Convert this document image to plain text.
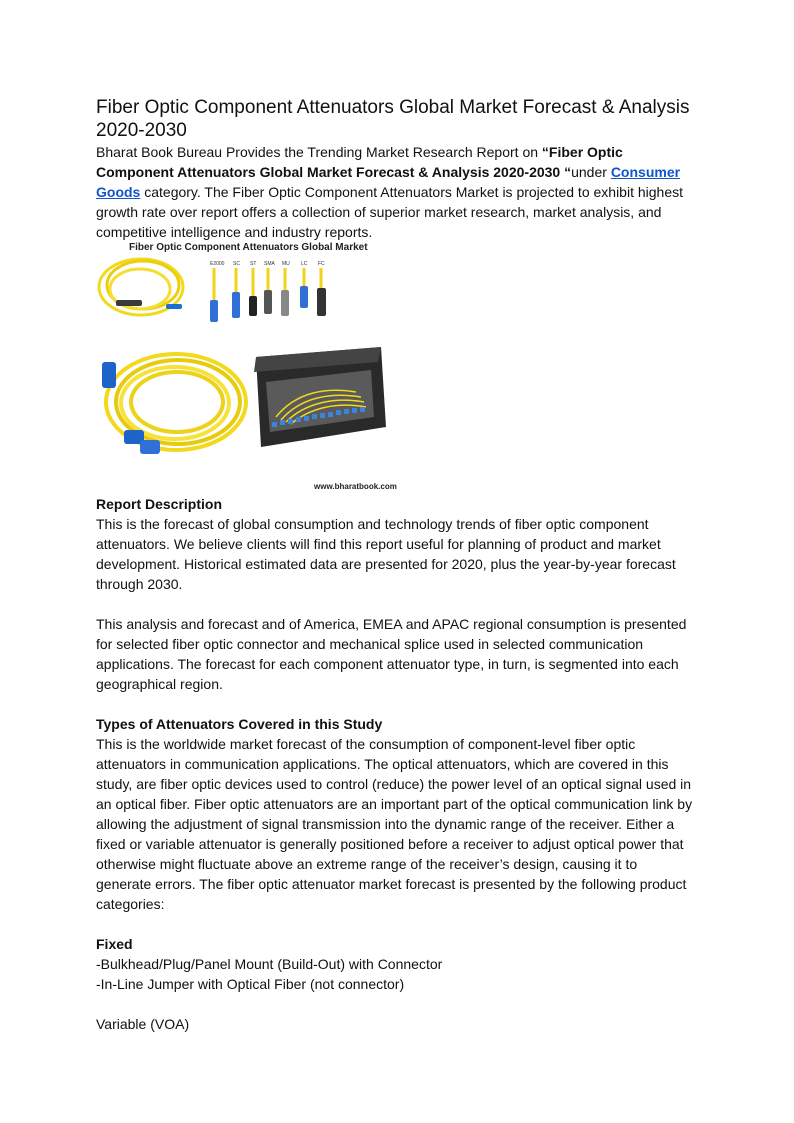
Fiber Optic Component Attenuators Global Market Forecast & Analysis 2020-2030

Bharat Book Bureau Provides the Trending Market Research Report on “Fiber Optic Component Attenuators Global Market Forecast & Analysis 2020-2030 “under Consumer Goods category. The Fiber Optic Component Attenuators Market is projected to exhibit highest growth rate over report offers a collection of superior market research, market analysis, and competitive intelligence and industry reports.

Fiber Optic Component Attenuators Global Market
E2000 SC ST SMA MU LC FC
www.bharatbook.com
Report Description

This is the forecast of global consumption and technology trends of fiber optic component attenuators. We believe clients will find this report useful for planning of product and market development. Historical estimated data are presented for 2020, plus the year-by-year forecast through 2030.

This analysis and forecast and of America, EMEA and APAC regional consumption is presented for selected fiber optic connector and mechanical splice used in selected communication applications. The forecast for each component attenuator type, in turn, is segmented into each geographical region.

Types of Attenuators Covered in this Study

This is the worldwide market forecast of the consumption of component-level fiber optic attenuators in communication applications. The optical attenuators, which are covered in this study, are fiber optic devices used to control (reduce) the power level of an optical signal used in an optical fiber. Fiber optic attenuators are an important part of the optical communication link by allowing the adjustment of signal transmission into the dynamic range of the receiver. Either a fixed or variable attenuator is generally positioned before a receiver to adjust optical power that otherwise might fluctuate above an extreme range of the receiver’s design, causing it to generate errors. The fiber optic attenuator market forecast is presented by the following product categories:

Fixed

-Bulkhead/Plug/Panel Mount (Build-Out) with Connector

-In-Line Jumper with Optical Fiber (not connector)

Variable (VOA)
